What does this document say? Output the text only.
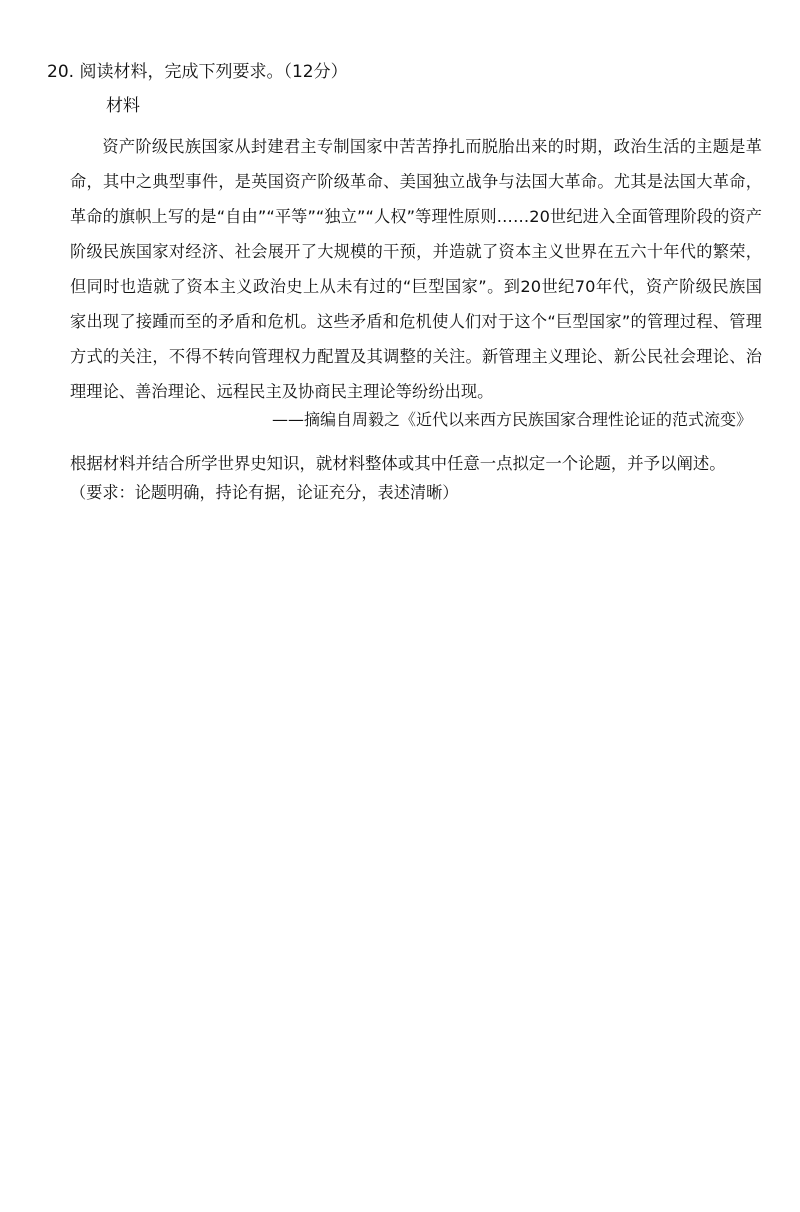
20. 阅读材料，完成下列要求。（12分）
材料
资产阶级民族国家从封建君主专制国家中苦苦挣扎而脱胎出来的时期，政治生活的主题是革命，其中之典型事件，是英国资产阶级革命、美国独立战争与法国大革命。尤其是法国大革命，革命的旗帜上写的是“自由”“平等”“独立”“人权”等理性原则……20世纪进入全面管理阶段的资产阶级民族国家对经济、社会展开了大规模的干预，并造就了资本主义世界在五六十年代的繁荣，但同时也造就了资本主义政治史上从未有过的“巨型国家”。到20世纪70年代，资产阶级民族国家出现了接踵而至的矛盾和危机。这些矛盾和危机使人们对于这个“巨型国家”的管理过程、管理方式的关注，不得不转向管理权力配置及其调整的关注。新管理主义理论、新公民社会理论、治理理论、善治理论、远程民主及协商民主理论等纷纷出现。
——摘编自周毅之《近代以来西方民族国家合理性论证的范式流变》
根据材料并结合所学世界史知识，就材料整体或其中任意一点拟定一个论题，并予以阐述。
（要求：论题明确，持论有据，论证充分，表述清晰）
